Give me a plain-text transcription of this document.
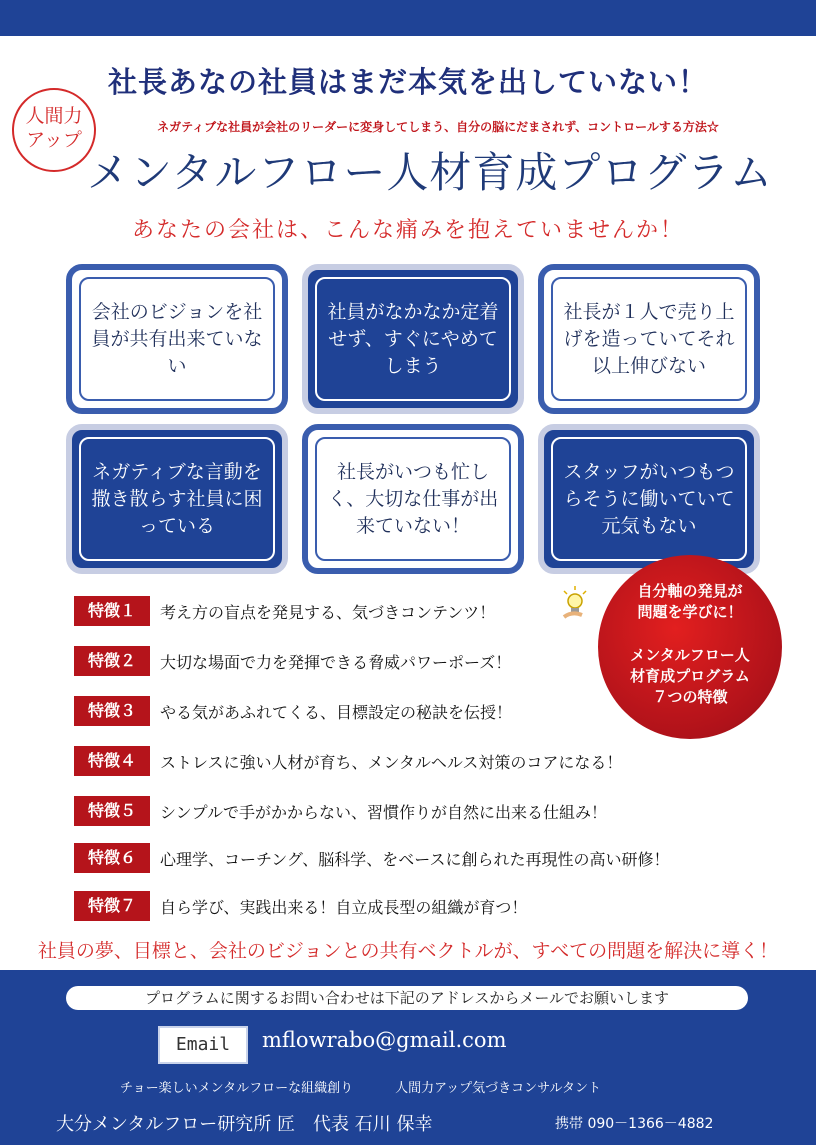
社長あなの社員はまだ本気を出していない！
人間力
アップ
ネガティブな社員が会社のリーダーに変身してしまう、自分の脳にだまされず、コントロールする方法☆
メンタルフロー人材育成プログラム
あなたの会社は、こんな痛みを抱えていませんか！
会社のビジョンを社員が共有出来ていない
社員がなかなか定着せず、すぐにやめてしまう
社長が１人で売り上げを造っていてそれ以上伸びない
ネガティブな言動を撒き散らす社員に困っている
社長がいつも忙しく、大切な仕事が出来ていない！
スタッフがいつもつらそうに働いていて元気もない
特徴１	考え方の盲点を発見する、気づきコンテンツ！
特徴２	大切な場面で力を発揮できる脅威パワーポーズ！
特徴３	やる気があふれてくる、目標設定の秘訣を伝授！
特徴４	ストレスに強い人材が育ち、メンタルヘルス対策のコアになる！
特徴５	シンプルで手がかからない、習慣作りが自然に出来る仕組み！
特徴６	心理学、コーチング、脳科学、をベースに創られた再現性の高い研修！
特徴７	自ら学び、実践出来る！自立成長型の組織が育つ！
自分軸の発見が
問題を学びに！
メンタルフロー人
材育成プログラム
７つの特徴
社員の夢、目標と、会社のビジョンとの共有ベクトルが、すべての問題を解決に導く！
プログラムに関するお問い合わせは下記のアドレスからメールでお願いします
Email	mflowrabo@gmail.com
チョー楽しいメンタルフローな組織創り	人間力アップ気づきコンサルタント
大分メンタルフロー研究所 匠　代表 石川 保幸	携帯 090－1366－4882
